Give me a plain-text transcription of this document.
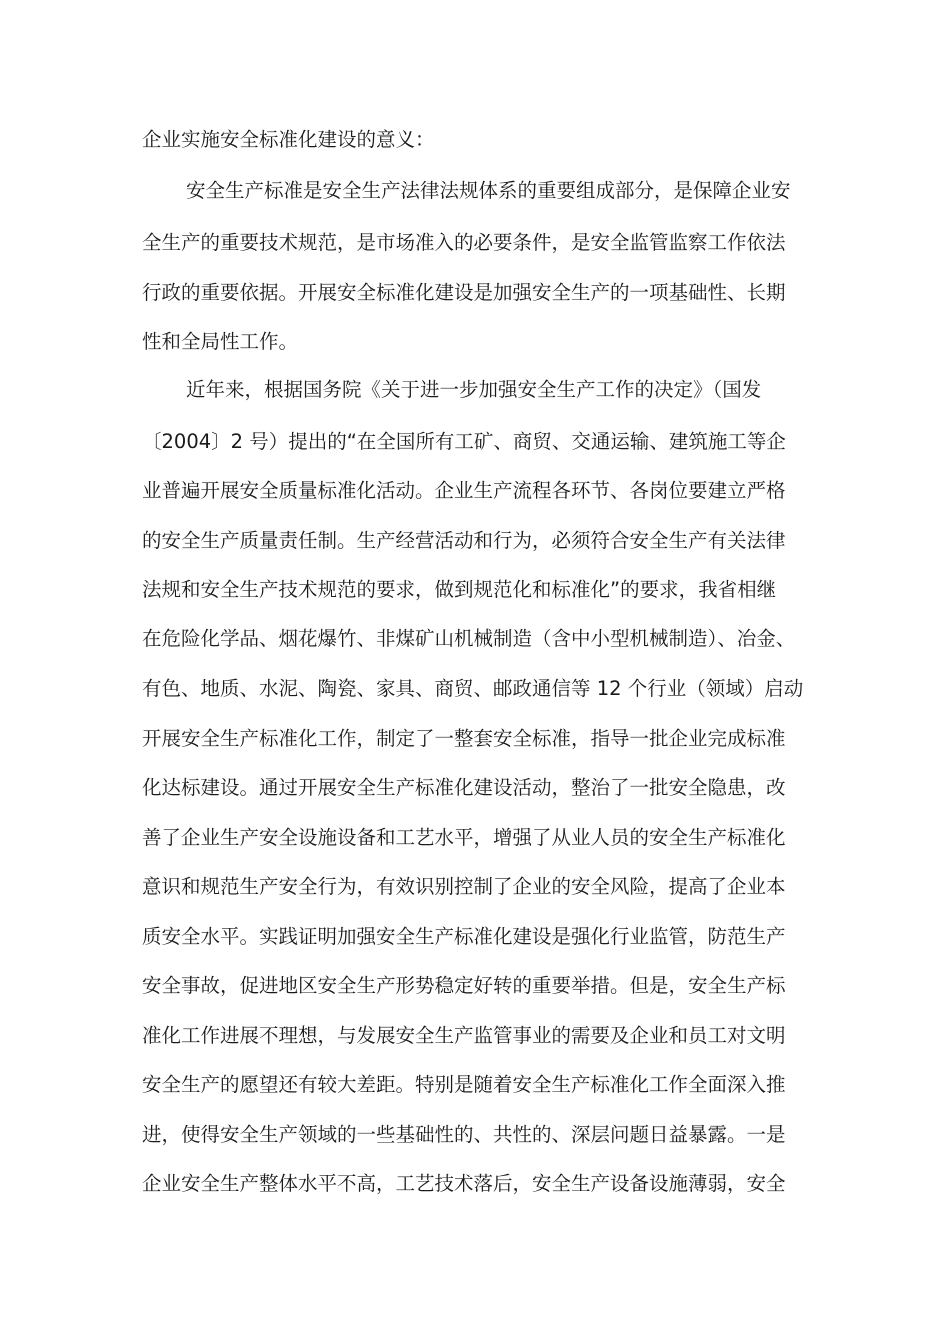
企业实施安全标准化建设的意义：
安全生产标准是安全生产法律法规体系的重要组成部分，是保障企业安
全生产的重要技术规范，是市场准入的必要条件，是安全监管监察工作依法
行政的重要依据。开展安全标准化建设是加强安全生产的一项基础性、长期
性和全局性工作。
近年来，根据国务院《关于进一步加强安全生产工作的决定》（国发
〔2004〕2 号）提出的“在全国所有工矿、商贸、交通运输、建筑施工等企
业普遍开展安全质量标准化活动。企业生产流程各环节、各岗位要建立严格
的安全生产质量责任制。生产经营活动和行为，必须符合安全生产有关法律
法规和安全生产技术规范的要求，做到规范化和标准化”的要求，我省相继
在危险化学品、烟花爆竹、非煤矿山机械制造（含中小型机械制造）、冶金、
有色、地质、水泥、陶瓷、家具、商贸、邮政通信等 12 个行业（领域）启动
开展安全生产标准化工作，制定了一整套安全标准，指导一批企业完成标准
化达标建设。通过开展安全生产标准化建设活动，整治了一批安全隐患，改
善了企业生产安全设施设备和工艺水平，增强了从业人员的安全生产标准化
意识和规范生产安全行为，有效识别控制了企业的安全风险，提高了企业本
质安全水平。实践证明加强安全生产标准化建设是强化行业监管，防范生产
安全事故，促进地区安全生产形势稳定好转的重要举措。但是，安全生产标
准化工作进展不理想，与发展安全生产监管事业的需要及企业和员工对文明
安全生产的愿望还有较大差距。特别是随着安全生产标准化工作全面深入推
进，使得安全生产领域的一些基础性的、共性的、深层问题日益暴露。一是
企业安全生产整体水平不高，工艺技术落后，安全生产设备设施薄弱，安全
